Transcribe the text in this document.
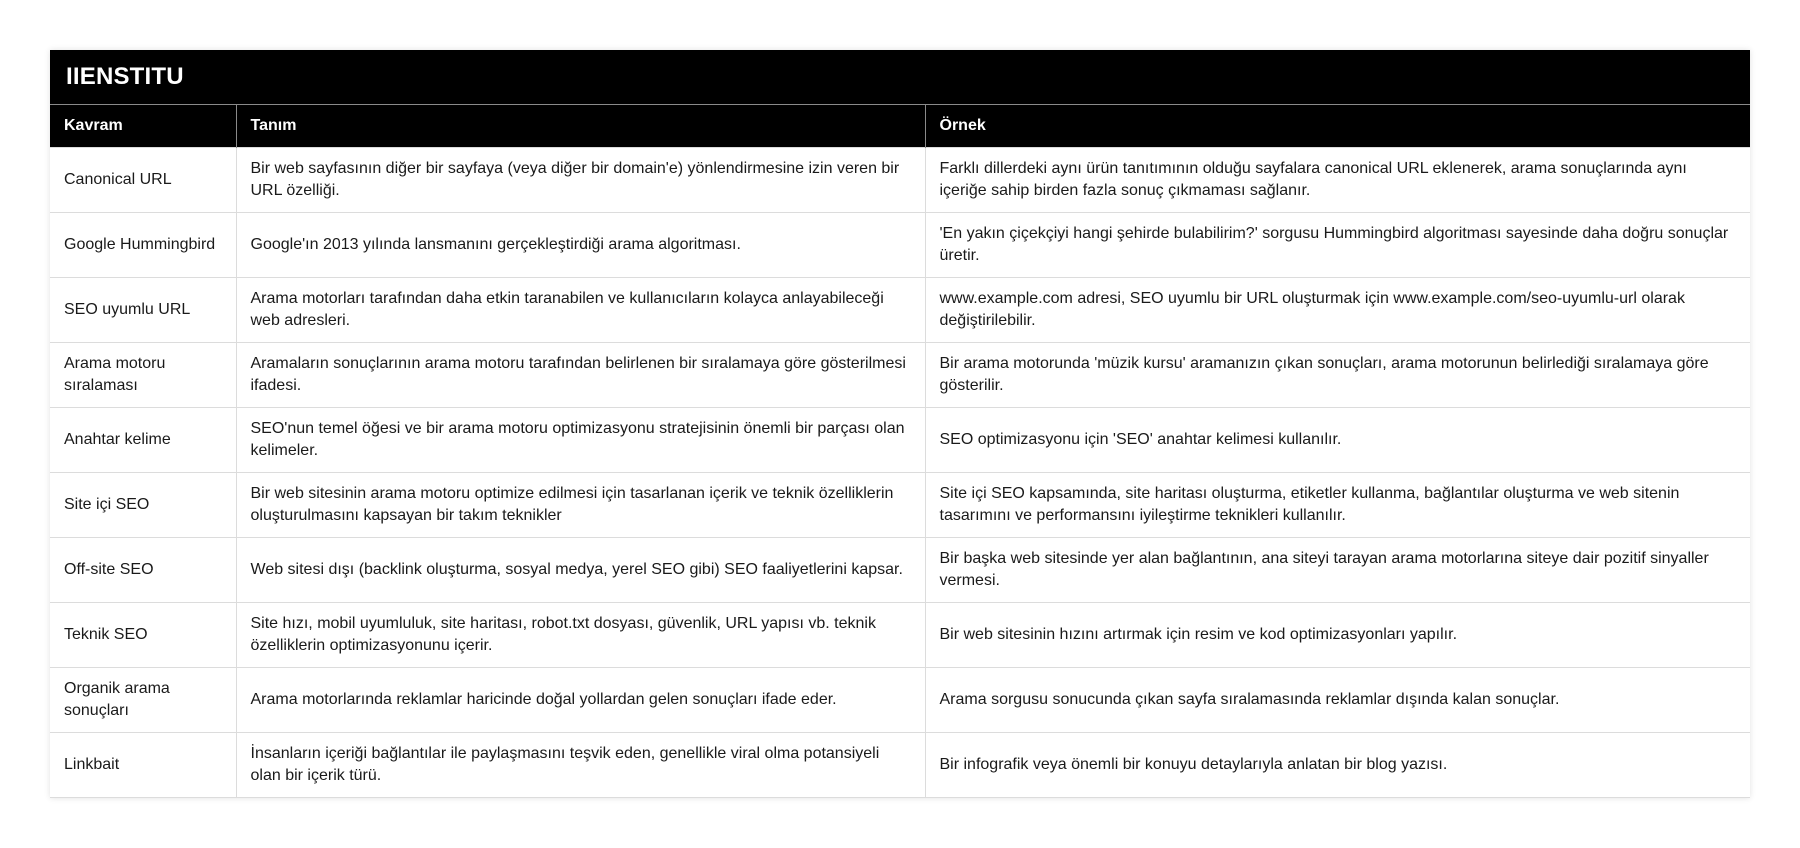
IIENSTITU
Kavram	Tanım	Örnek
Canonical URL	Bir web sayfasının diğer bir sayfaya (veya diğer bir domain'e) yönlendirmesine izin veren bir URL özelliği.	Farklı dillerdeki aynı ürün tanıtımının olduğu sayfalara canonical URL eklenerek, arama sonuçlarında aynı içeriğe sahip birden fazla sonuç çıkmaması sağlanır.
Google Hummingbird	Google'ın 2013 yılında lansmanını gerçekleştirdiği arama algoritması.	'En yakın çiçekçiyi hangi şehirde bulabilirim?' sorgusu Hummingbird algoritması sayesinde daha doğru sonuçlar üretir.
SEO uyumlu URL	Arama motorları tarafından daha etkin taranabilen ve kullanıcıların kolayca anlayabileceği web adresleri.	www.example.com adresi, SEO uyumlu bir URL oluşturmak için www.example.com/seo-uyumlu-url olarak değiştirilebilir.
Arama motoru sıralaması	Aramaların sonuçlarının arama motoru tarafından belirlenen bir sıralamaya göre gösterilmesi ifadesi.	Bir arama motorunda 'müzik kursu' aramanızın çıkan sonuçları, arama motorunun belirlediği sıralamaya göre gösterilir.
Anahtar kelime	SEO'nun temel öğesi ve bir arama motoru optimizasyonu stratejisinin önemli bir parçası olan kelimeler.	SEO optimizasyonu için 'SEO' anahtar kelimesi kullanılır.
Site içi SEO	Bir web sitesinin arama motoru optimize edilmesi için tasarlanan içerik ve teknik özelliklerin oluşturulmasını kapsayan bir takım teknikler	Site içi SEO kapsamında, site haritası oluşturma, etiketler kullanma, bağlantılar oluşturma ve web sitenin tasarımını ve performansını iyileştirme teknikleri kullanılır.
Off-site SEO	Web sitesi dışı (backlink oluşturma, sosyal medya, yerel SEO gibi) SEO faaliyetlerini kapsar.	Bir başka web sitesinde yer alan bağlantının, ana siteyi tarayan arama motorlarına siteye dair pozitif sinyaller vermesi.
Teknik SEO	Site hızı, mobil uyumluluk, site haritası, robot.txt dosyası, güvenlik, URL yapısı vb. teknik özelliklerin optimizasyonunu içerir.	Bir web sitesinin hızını artırmak için resim ve kod optimizasyonları yapılır.
Organik arama sonuçları	Arama motorlarında reklamlar haricinde doğal yollardan gelen sonuçları ifade eder.	Arama sorgusu sonucunda çıkan sayfa sıralamasında reklamlar dışında kalan sonuçlar.
Linkbait	İnsanların içeriği bağlantılar ile paylaşmasını teşvik eden, genellikle viral olma potansiyeli olan bir içerik türü.	Bir infografik veya önemli bir konuyu detaylarıyla anlatan bir blog yazısı.
